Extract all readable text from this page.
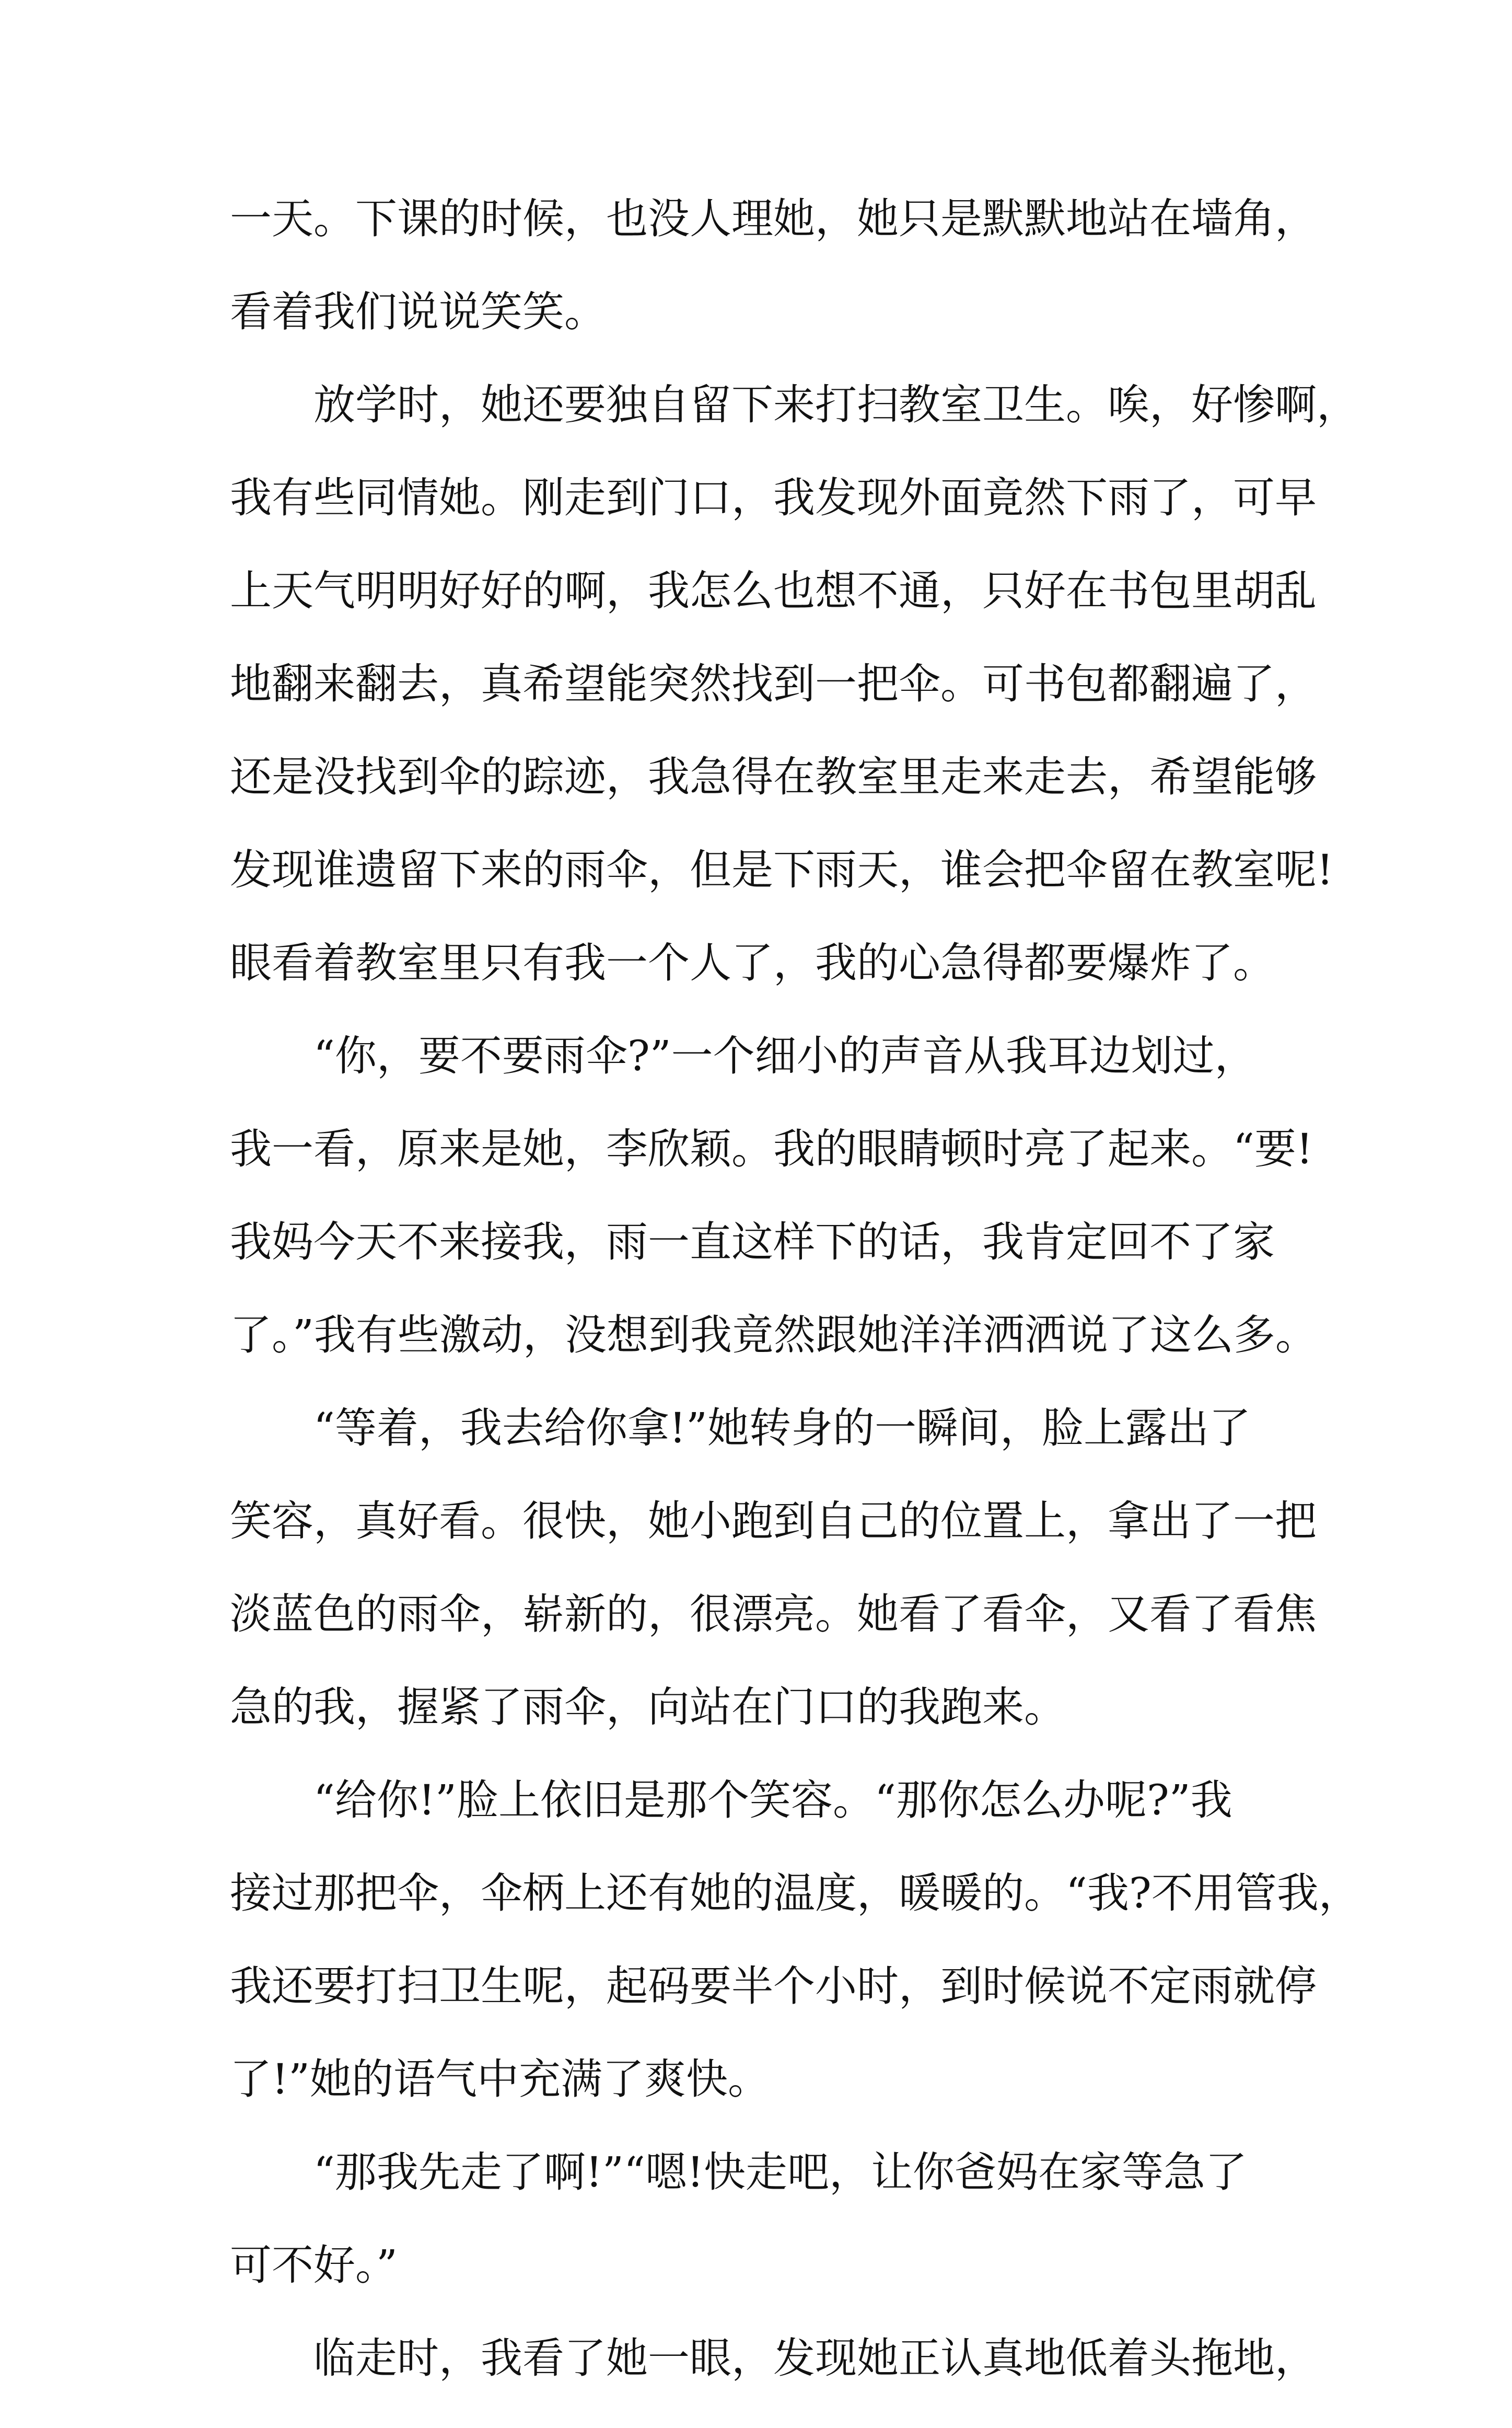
一天。下课的时候，也没人理她，她只是默默地站在墙角，
看着我们说说笑笑。
放学时，她还要独自留下来打扫教室卫生。唉，好惨啊，
我有些同情她。刚走到门口，我发现外面竟然下雨了，可早
上天气明明好好的啊，我怎么也想不通，只好在书包里胡乱
地翻来翻去，真希望能突然找到一把伞。可书包都翻遍了，
还是没找到伞的踪迹，我急得在教室里走来走去，希望能够
发现谁遗留下来的雨伞，但是下雨天，谁会把伞留在教室呢!
眼看着教室里只有我一个人了，我的心急得都要爆炸了。
“你，要不要雨伞?”一个细小的声音从我耳边划过，
我一看，原来是她，李欣颖。我的眼睛顿时亮了起来。“要!
我妈今天不来接我，雨一直这样下的话，我肯定回不了家
了。”我有些激动，没想到我竟然跟她洋洋洒洒说了这么多。
“等着，我去给你拿!”她转身的一瞬间，脸上露出了
笑容，真好看。很快，她小跑到自己的位置上，拿出了一把
淡蓝色的雨伞，崭新的，很漂亮。她看了看伞，又看了看焦
急的我，握紧了雨伞，向站在门口的我跑来。
“给你!”脸上依旧是那个笑容。“那你怎么办呢?”我
接过那把伞，伞柄上还有她的温度，暖暖的。“我?不用管我，
我还要打扫卫生呢，起码要半个小时，到时候说不定雨就停
了!”她的语气中充满了爽快。
“那我先走了啊!”“嗯!快走吧，让你爸妈在家等急了
可不好。”
临走时，我看了她一眼，发现她正认真地低着头拖地，
